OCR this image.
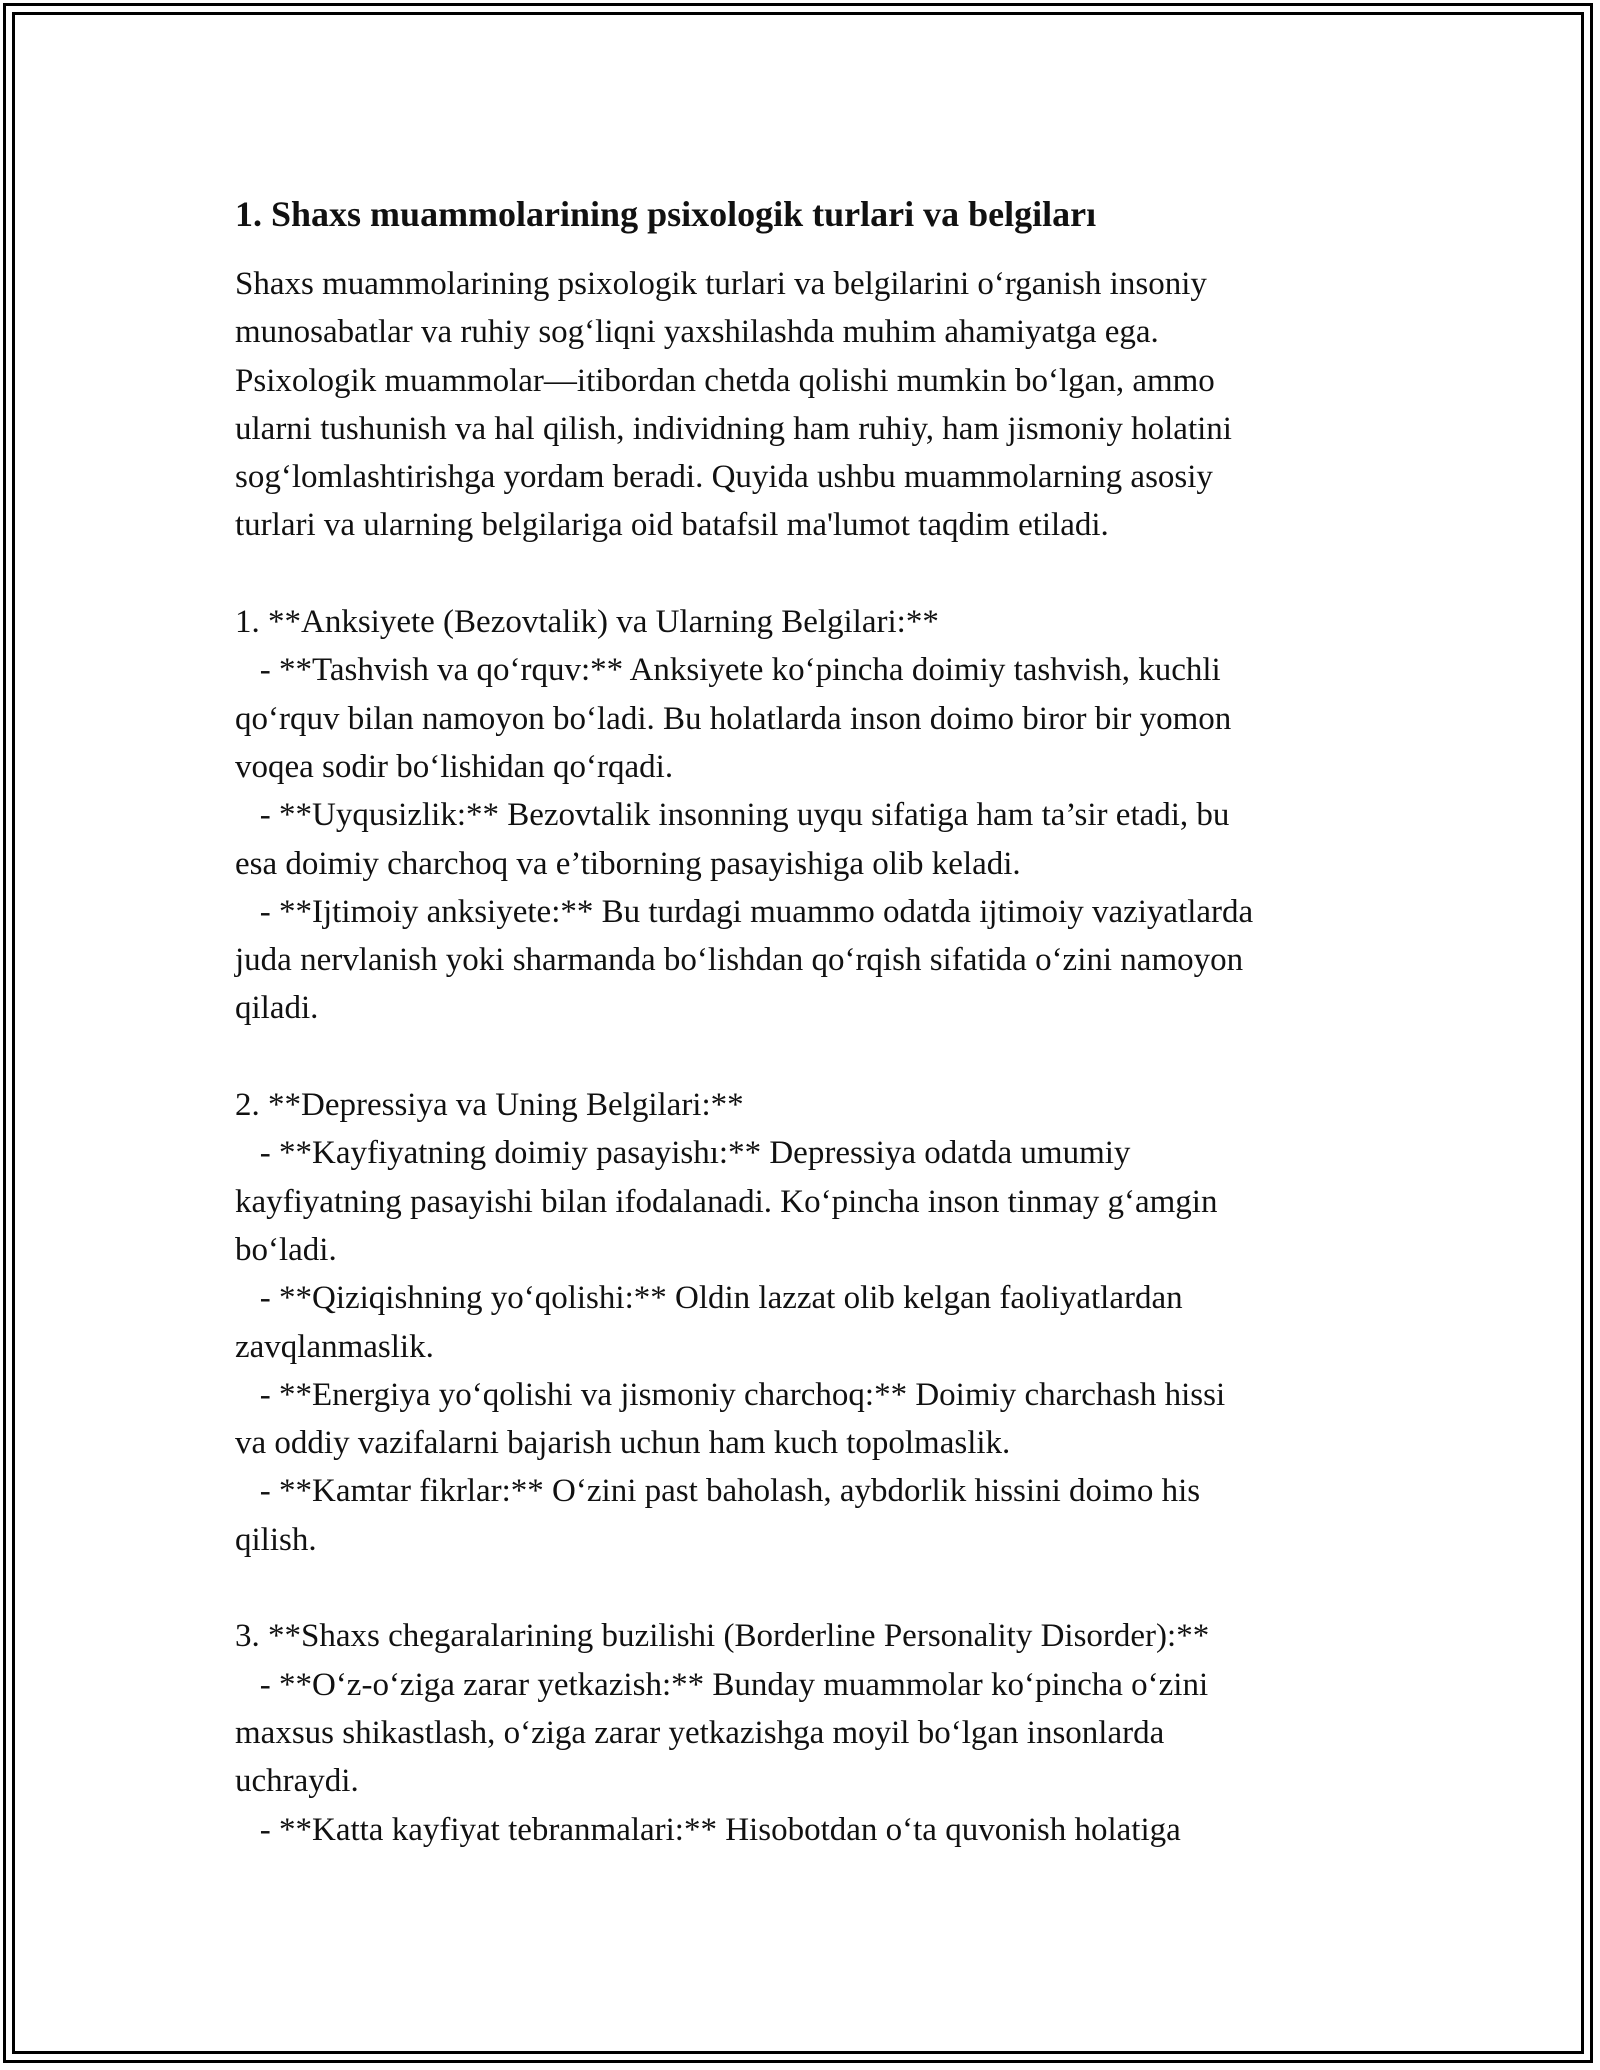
1. Shaxs muammolarining psixologik turlari va belgiları
Shaxs muammolarining psixologik turlari va belgilarini oʻrganish insoniy
munosabatlar va ruhiy sogʻliqni yaxshilashda muhim ahamiyatga ega.
Psixologik muammolar—itibordan chetda qolishi mumkin boʻlgan, ammo
ularni tushunish va hal qilish, individning ham ruhiy, ham jismoniy holatini
sogʻlomlashtirishga yordam beradi. Quyida ushbu muammolarning asosiy
turlari va ularning belgilariga oid batafsil ma'lumot taqdim etiladi.
1. **Anksiyete (Bezovtalik) va Ularning Belgilari:**
- **Tashvish va qoʻrquv:** Anksiyete koʻpincha doimiy tashvish, kuchli
qoʻrquv bilan namoyon boʻladi. Bu holatlarda inson doimo biror bir yomon
voqea sodir boʻlishidan qoʻrqadi.
- **Uyqusizlik:** Bezovtalik insonning uyqu sifatiga ham ta’sir etadi, bu
esa doimiy charchoq va e’tiborning pasayishiga olib keladi.
- **Ijtimoiy anksiyete:** Bu turdagi muammo odatda ijtimoiy vaziyatlarda
juda nervlanish yoki sharmanda boʻlishdan qoʻrqish sifatida oʻzini namoyon
qiladi.
2. **Depressiya va Uning Belgilari:**
- **Kayfiyatning doimiy pasayishı:** Depressiya odatda umumiy
kayfiyatning pasayishi bilan ifodalanadi. Koʻpincha inson tinmay gʻamgin
boʻladi.
- **Qiziqishning yoʻqolishi:** Oldin lazzat olib kelgan faoliyatlardan
zavqlanmaslik.
- **Energiya yoʻqolishi va jismoniy charchoq:** Doimiy charchash hissi
va oddiy vazifalarni bajarish uchun ham kuch topolmaslik.
- **Kamtar fikrlar:** Oʻzini past baholash, aybdorlik hissini doimo his
qilish.
3. **Shaxs chegaralarining buzilishi (Borderline Personality Disorder):**
- **Oʻz-oʻziga zarar yetkazish:** Bunday muammolar koʻpincha oʻzini
maxsus shikastlash, oʻziga zarar yetkazishga moyil boʻlgan insonlarda
uchraydi.
- **Katta kayfiyat tebranmalari:** Hisobotdan oʻta quvonish holatiga
